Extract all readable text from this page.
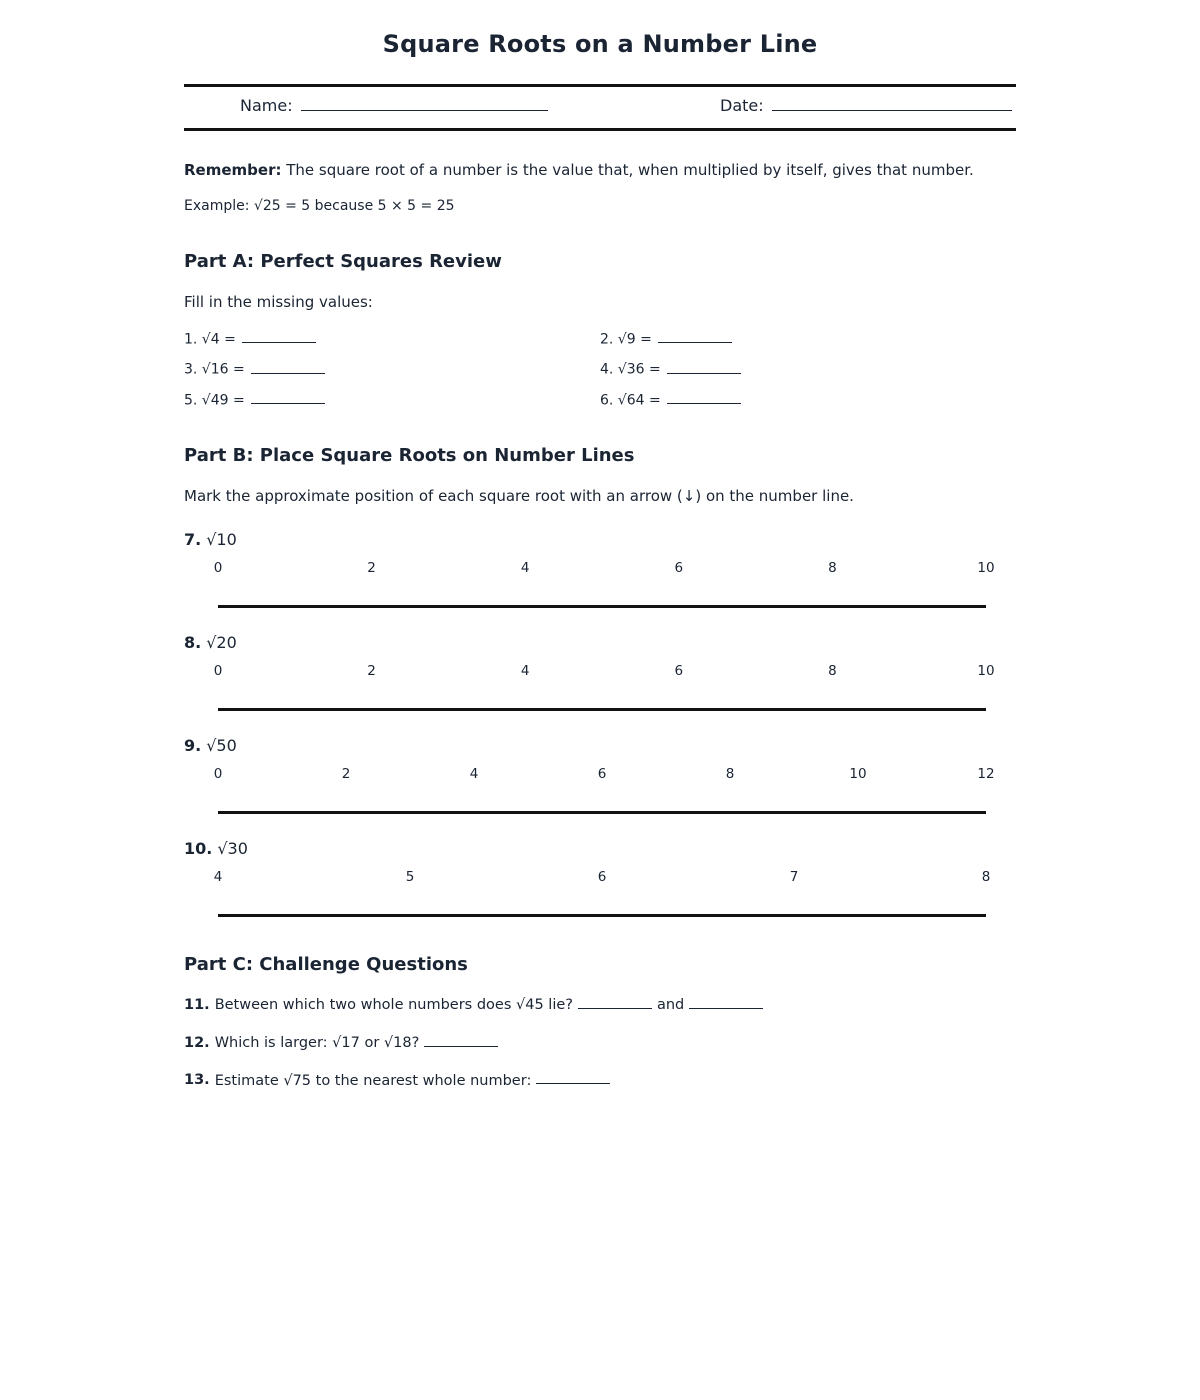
Square Roots on a Number Line
Name:	Date:

Remember: The square root of a number is the value that, when multiplied by itself, gives that number.

Example: √25 = 5 because 5 × 5 = 25

Part A: Perfect Squares Review

Fill in the missing values:

1. √4 =	2. √9 =
3. √16 =	4. √36 =
5. √49 =	6. √64 =
Part B: Place Square Roots on Number Lines

Mark the approximate position of each square root with an arrow (↓) on the number line.

7. √10

0	2	4	6	8	10

8. √20

0	2	4	6	8	10

9. √50

0	2	4	6	8	10	12

10. √30

4	5	6	7	8
Part C: Challenge Questions

11. Between which two whole numbers does √45 lie?	and

12. Which is larger: √17 or √18?

13. Estimate √75 to the nearest whole number:
